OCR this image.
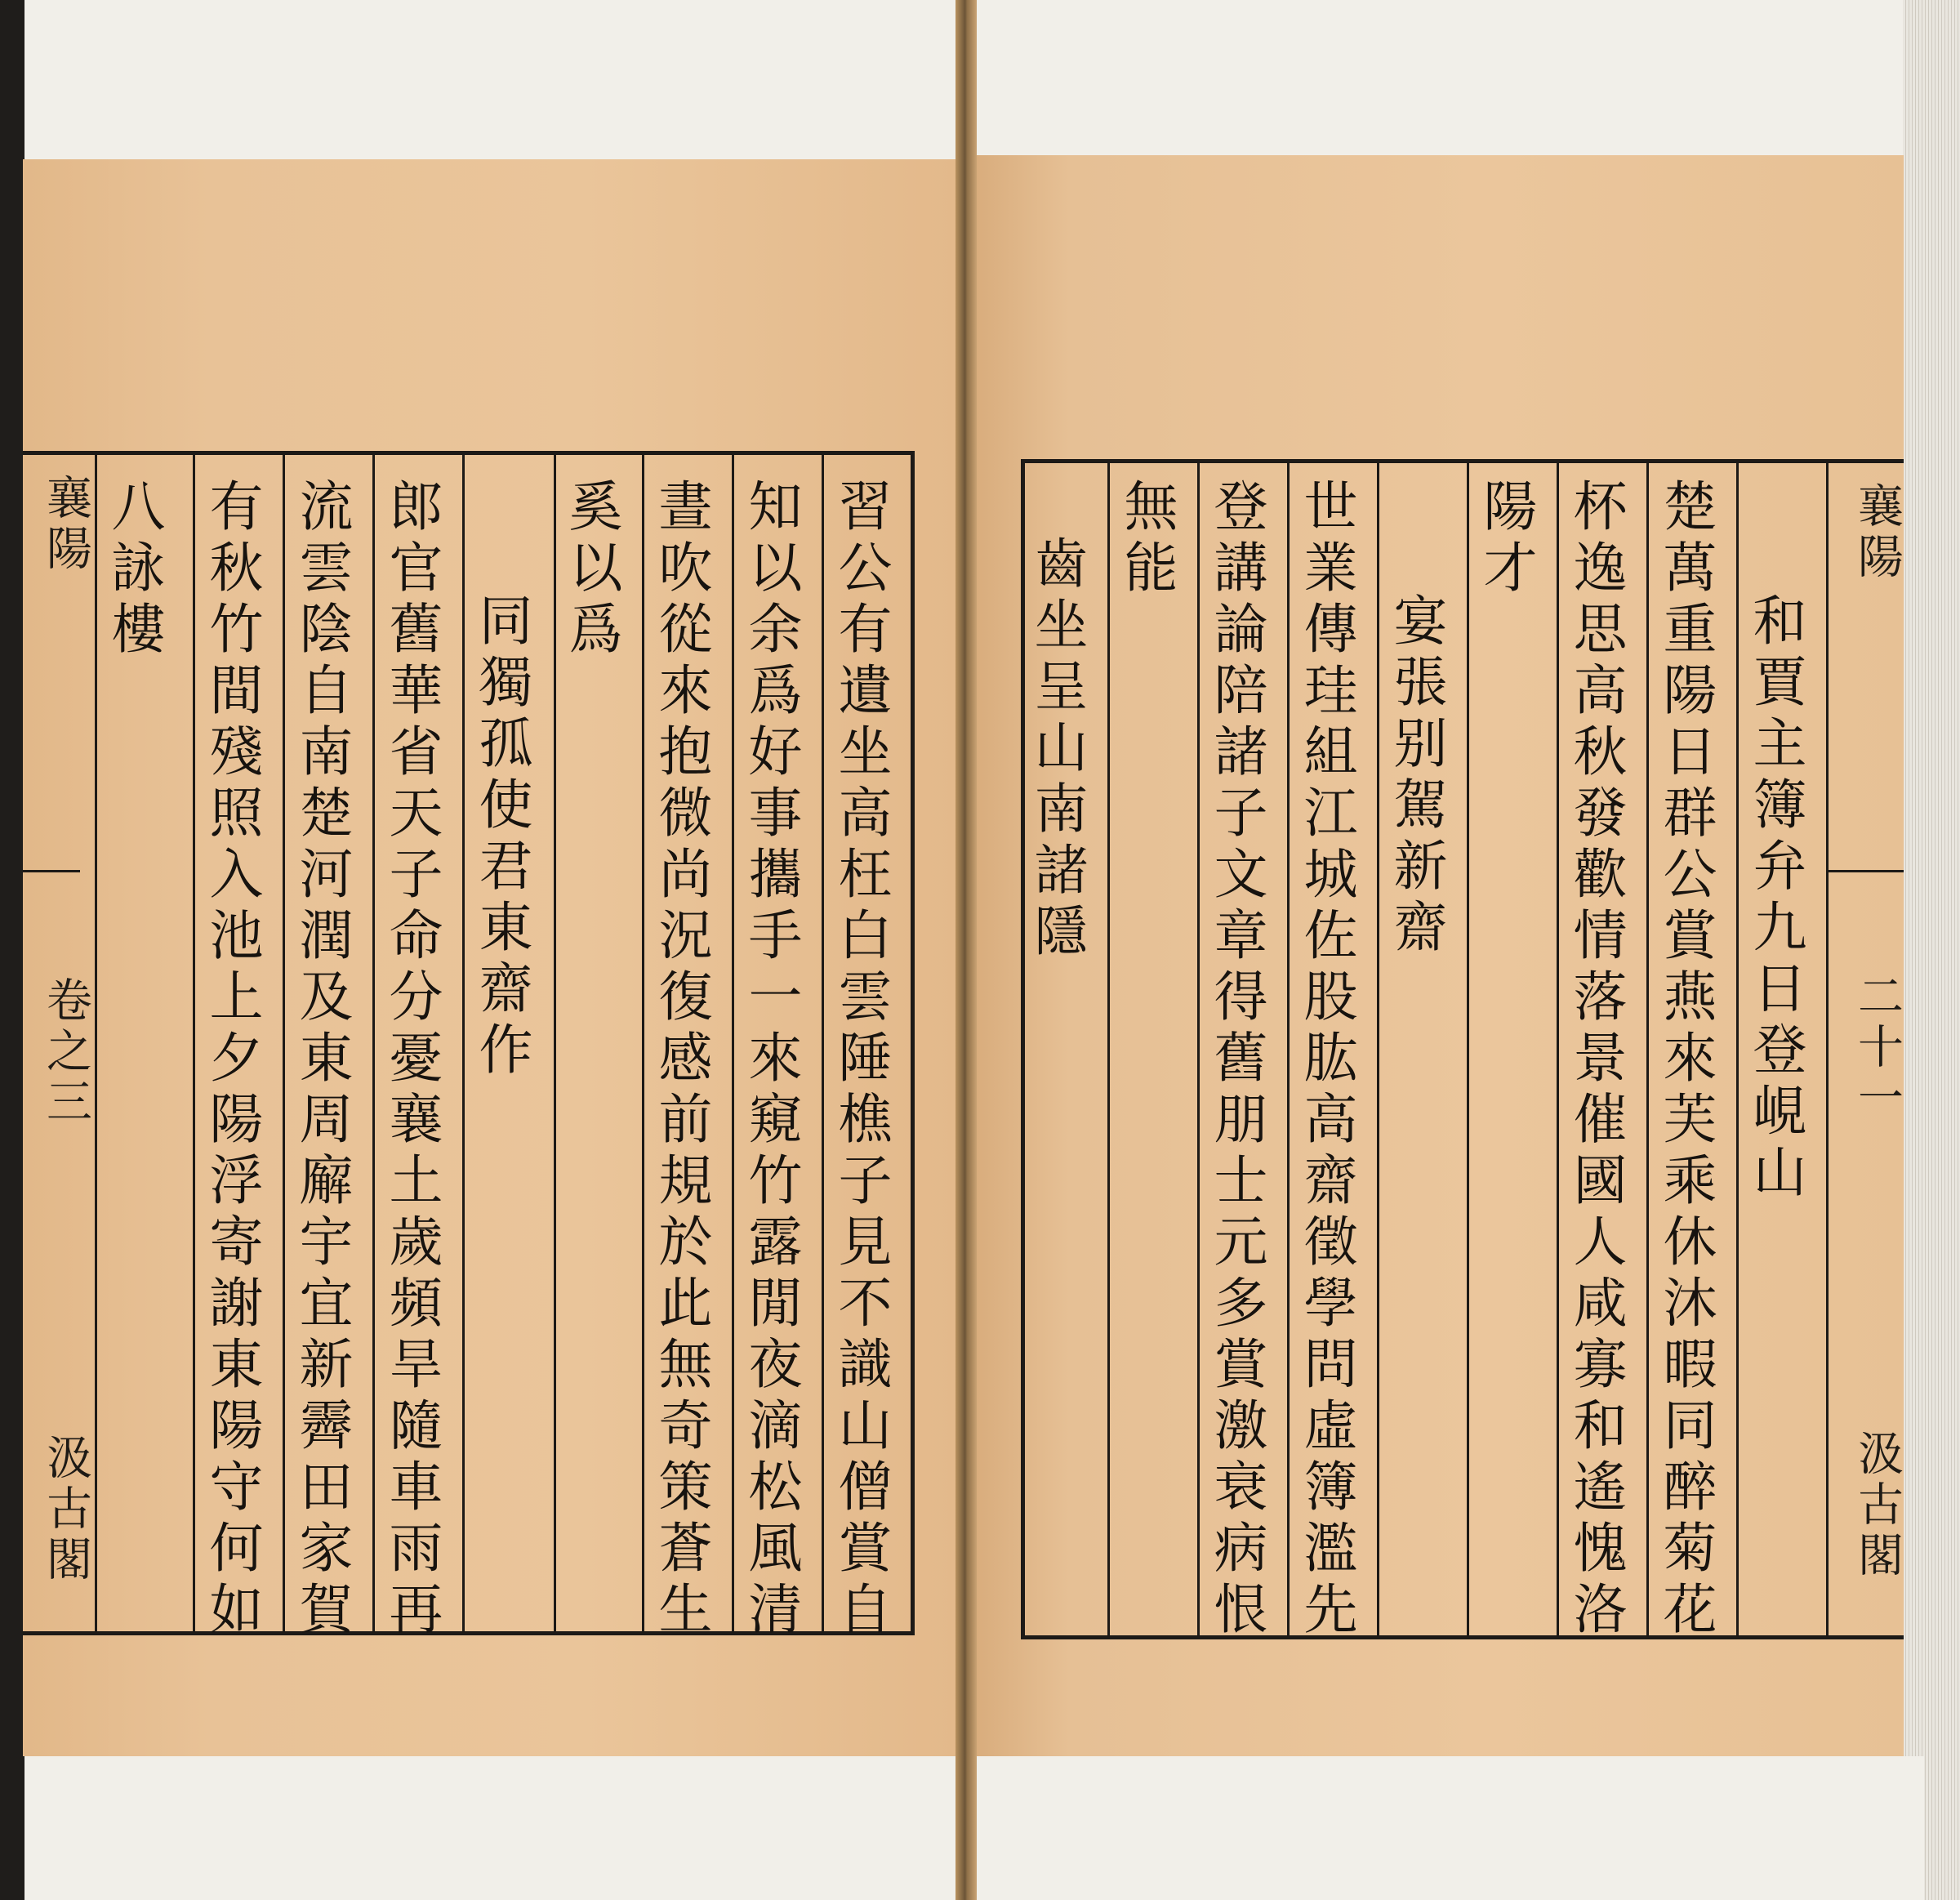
襄陽
卷之三
汲古閣	習公有遺坐高枉白雲陲樵子見不識山僧賞自
知以余爲好事攜手一來窺竹露閒夜滴松風清
晝吹從來抱微尚況復感前規於此無奇策蒼生
奚以爲
同獨孤使君東齋作
郎官舊華省天子命分憂襄土歲頻旱隨車雨再
流雲陰自南楚河潤及東周廨宇宜新霽田家賀
有秋竹間殘照入池上夕陽浮寄謝東陽守何如
八詠樓	襄陽
二十一
汲古閣
和賈主簿弁九日登峴山
楚萬重陽日群公賞燕來芙乘休沐暇同醉菊花
杯逸思高秋發歡情落景催國人咸寡和遙愧洛
陽才
宴張别駕新齋
世業傳珪組江城佐股肱高齋徵學問虛簿濫先
登講論陪諸子文章得舊朋士元多賞激衰病恨
無能
齒坐呈山南諸隱
